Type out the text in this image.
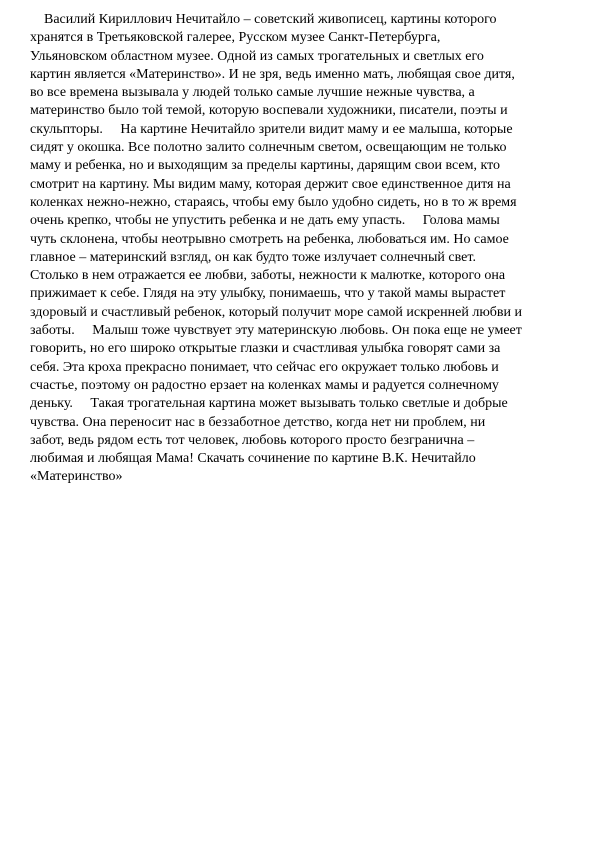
Василий Кириллович Нечитайло – советский живописец, картины которого
хранятся в Третьяковской галерее, Русском музее Санкт-Петербурга,
Ульяновском областном музее. Одной из самых трогательных и светлых его
картин является «Материнство». И не зря, ведь именно мать, любящая свое дитя,
во все времена вызывала у людей только самые лучшие нежные чувства, а
материнство было той темой, которую воспевали художники, писатели, поэты и
скульпторы.     На картине Нечитайло зрители видит маму и ее малыша, которые
сидят у окошка. Все полотно залито солнечным светом, освещающим не только
маму и ребенка, но и выходящим за пределы картины, дарящим свои всем, кто
смотрит на картину. Мы видим маму, которая держит свое единственное дитя на
коленках нежно-нежно, стараясь, чтобы ему было удобно сидеть, но в то ж время
очень крепко, чтобы не упустить ребенка и не дать ему упасть.     Голова мамы
чуть склонена, чтобы неотрывно смотреть на ребенка, любоваться им. Но самое
главное – материнский взгляд, он как будто тоже излучает солнечный свет.
Столько в нем отражается ее любви, заботы, нежности к малютке, которого она
прижимает к себе. Глядя на эту улыбку, понимаешь, что у такой мамы вырастет
здоровый и счастливый ребенок, который получит море самой искренней любви и
заботы.     Малыш тоже чувствует эту материнскую любовь. Он пока еще не умеет
говорить, но его широко открытые глазки и счастливая улыбка говорят сами за
себя. Эта кроха прекрасно понимает, что сейчас его окружает только любовь и
счастье, поэтому он радостно ерзает на коленках мамы и радуется солнечному
деньку.     Такая трогательная картина может вызывать только светлые и добрые
чувства. Она переносит нас в беззаботное детство, когда нет ни проблем, ни
забот, ведь рядом есть тот человек, любовь которого просто безгранична –
любимая и любящая Мама! Скачать сочинение по картине В.К. Нечитайло
«Материнство»
